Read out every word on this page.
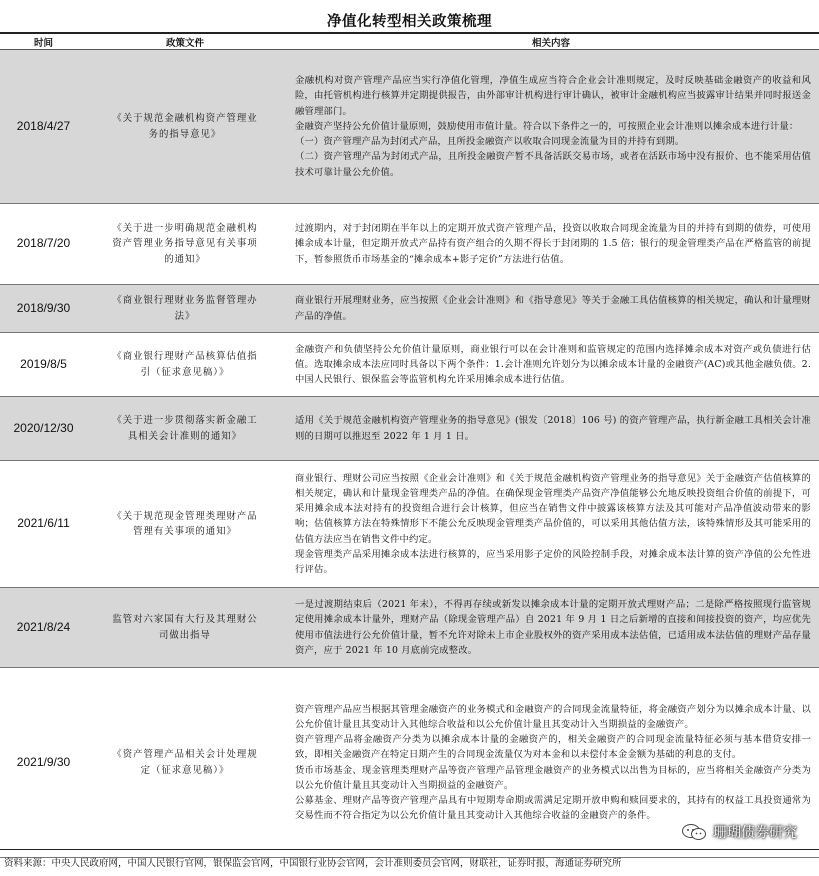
净值化转型相关政策梳理
时间	政策文件	相关内容
2018/4/27	《关于规范金融机构资产管理业务的指导意见》	金融机构对资产管理产品应当实行净值化管理，净值生成应当符合企业会计准则规定，及时反映基础金融资产的收益和风险，由托管机构进行核算并定期提供报告，由外部审计机构进行审计确认，被审计金融机构应当披露审计结果并同时报送金融管理部门。

金融资产坚持公允价值计量原则，鼓励使用市值计量。符合以下条件之一的，可按照企业会计准则以摊余成本进行计量：

（一）资产管理产品为封闭式产品，且所投金融资产以收取合同现金流量为目的并持有到期。

（二）资产管理产品为封闭式产品，且所投金融资产暂不具备活跃交易市场，或者在活跃市场中没有报价、也不能采用估值技术可靠计量公允价值。

2018/7/20	《关于进一步明确规范金融机构资产管理业务指导意见有关事项的通知》	过渡期内，对于封闭期在半年以上的定期开放式资产管理产品，投资以收取合同现金流量为目的并持有到期的债券，可使用摊余成本计量，但定期开放式产品持有资产组合的久期不得长于封闭期的 1.5 倍；银行的现金管理类产品在严格监管的前提下，暂参照货币市场基金的“摊余成本+影子定价”方法进行估值。

2018/9/30	《商业银行理财业务监督管理办法》	商业银行开展理财业务，应当按照《企业会计准则》和《指导意见》等关于金融工具估值核算的相关规定，确认和计量理财产品的净值。

2019/8/5	《商业银行理财产品核算估值指引（征求意见稿）》	金融资产和负债坚持公允价值计量原则，商业银行可以在会计准则和监管规定的范围内选择摊余成本对资产或负债进行估值。选取摊余成本法应同时具备以下两个条件：1.会计准则允许划分为以摊余成本计量的金融资产(AC)或其他金融负债。2.中国人民银行、银保监会等监管机构允许采用摊余成本进行估值。

2020/12/30	《关于进一步贯彻落实新金融工具相关会计准则的通知》	适用《关于规范金融机构资产管理业务的指导意见》(银发〔2018〕106 号) 的资产管理产品，执行新金融工具相关会计准则的日期可以推迟至 2022 年 1 月 1 日。

2021/6/11	《关于规范现金管理类理财产品管理有关事项的通知》	商业银行、理财公司应当按照《企业会计准则》和《关于规范金融机构资产管理业务的指导意见》关于金融资产估值核算的相关规定，确认和计量现金管理类产品的净值。在确保现金管理类产品资产净值能够公允地反映投资组合价值的前提下，可采用摊余成本法对持有的投资组合进行会计核算，但应当在销售文件中披露该核算方法及其可能对产品净值波动带来的影响；估值核算方法在特殊情形下不能公允反映现金管理类产品价值的，可以采用其他估值方法，该特殊情形及其可能采用的估值方法应当在销售文件中约定。

现金管理类产品采用摊余成本法进行核算的，应当采用影子定价的风险控制手段，对摊余成本法计算的资产净值的公允性进行评估。

2021/8/24	监管对六家国有大行及其理财公司做出指导	一是过渡期结束后（2021 年末），不得再存续或新发以摊余成本计量的定期开放式理财产品；二是除严格按照现行监管规定使用摊余成本计量外，理财产品（除现金管理产品）自 2021 年 9 月 1 日之后新增的直接和间接投资的资产，均应优先使用市值法进行公允价值计量，暂不允许对除未上市企业股权外的资产采用成本法估值，已适用成本法估值的理财产品存量资产，应于 2021 年 10 月底前完成整改。

2021/9/30	《资产管理产品相关会计处理规定（征求意见稿）》	资产管理产品应当根据其管理金融资产的业务模式和金融资产的合同现金流量特征，将金融资产划分为以摊余成本计量、以公允价值计量且其变动计入其他综合收益和以公允价值计量且其变动计入当期损益的金融资产。

资产管理产品将金融资产分类为以摊余成本计量的金融资产的，相关金融资产的合同现金流量特征必须与基本借贷安排一致，即相关金融资产在特定日期产生的合同现金流量仅为对本金和以未偿付本金金额为基础的利息的支付。

货币市场基金、现金管理类理财产品等资产管理产品管理金融资产的业务模式以出售为目标的，应当将相关金融资产分类为以公允价值计量且其变动计入当期损益的金融资产。

公募基金、理财产品等资产管理产品具有中短期寿命期或需满足定期开放申购和赎回要求的，其持有的权益工具投资通常为交易性而不符合指定为以公允价值计量且其变动计入其他综合收益的金融资产的条件。

资料来源：中央人民政府网，中国人民银行官网，银保监会官网，中国银行业协会官网，会计准则委员会官网，财联社，证券时报，海通证券研究所
珊瑚债券研究
